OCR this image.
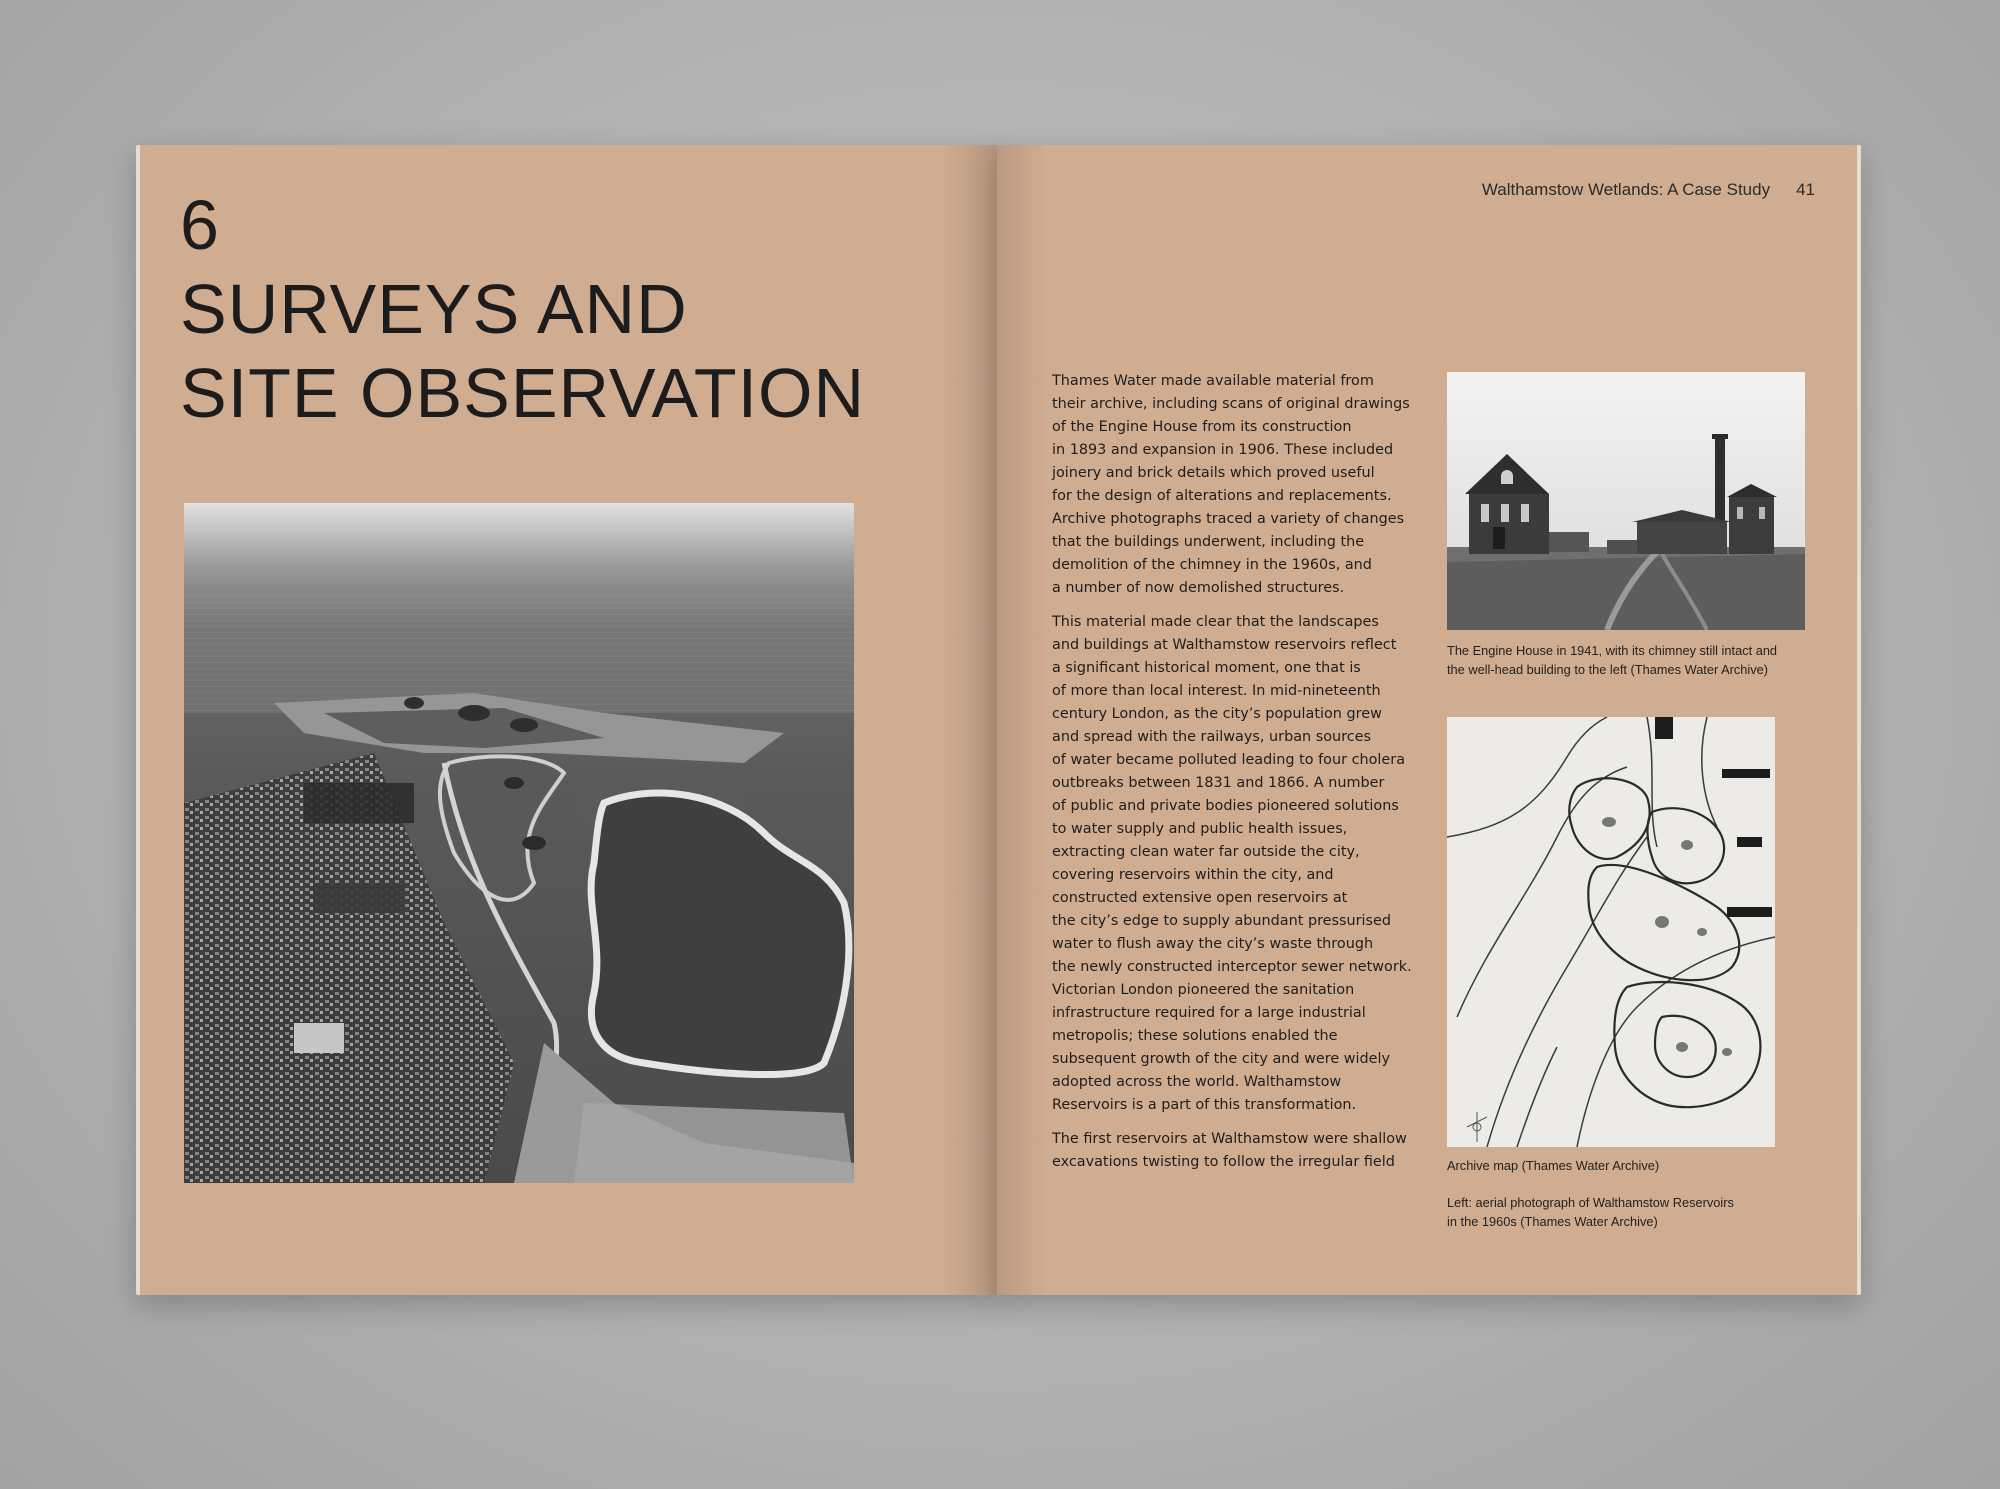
6
SURVEYS AND
SITE OBSERVATION
Walthamstow Wetlands: A Case Study 41

Thames Water made available material from
their archive, including scans of original drawings
of the Engine House from its construction
in 1893 and expansion in 1906. These included
joinery and brick details which proved useful
for the design of alterations and replacements.
Archive photographs traced a variety of changes
that the buildings underwent, including the
demolition of the chimney in the 1960s, and
a number of now demolished structures.

This material made clear that the landscapes
and buildings at Walthamstow reservoirs reflect
a significant historical moment, one that is
of more than local interest. In mid-nineteenth
century London, as the city’s population grew
and spread with the railways, urban sources
of water became polluted leading to four cholera
outbreaks between 1831 and 1866. A number
of public and private bodies pioneered solutions
to water supply and public health issues,
extracting clean water far outside the city,
covering reservoirs within the city, and
constructed extensive open reservoirs at
the city’s edge to supply abundant pressurised
water to flush away the city’s waste through
the newly constructed interceptor sewer network.
Victorian London pioneered the sanitation
infrastructure required for a large industrial
metropolis; these solutions enabled the
subsequent growth of the city and were widely
adopted across the world. Walthamstow
Reservoirs is a part of this transformation.

The first reservoirs at Walthamstow were shallow
excavations twisting to follow the irregular field

The Engine House in 1941, with its chimney still intact and
the well-head building to the left (Thames Water Archive)
Archive map (Thames Water Archive)
Left: aerial photograph of Walthamstow Reservoirs
in the 1960s (Thames Water Archive)
